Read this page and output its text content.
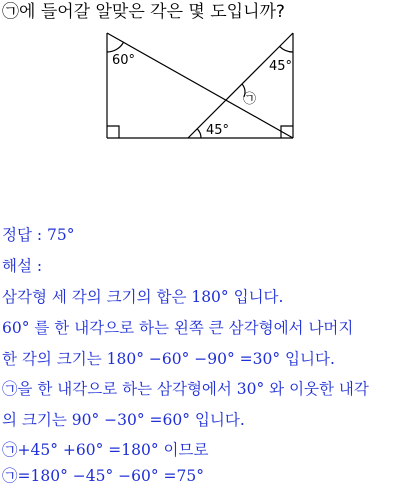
㉠에 들어갈 알맞은 각은 몇 도입니까?
60°	45°
45°
㉠
정답 : 75°
해설 :
삼각형 세 각의 크기의 합은 180° 입니다.
60° 를 한 내각으로 하는 왼쪽 큰 삼각형에서 나머지
한 각의 크기는 180° −60° −90° =30° 입니다.
㉠을 한 내각으로 하는 삼각형에서 30° 와 이웃한 내각
의 크기는 90° −30° =60° 입니다.
㉠+45° +60° =180° 이므로
㉠=180° −45° −60° =75°
